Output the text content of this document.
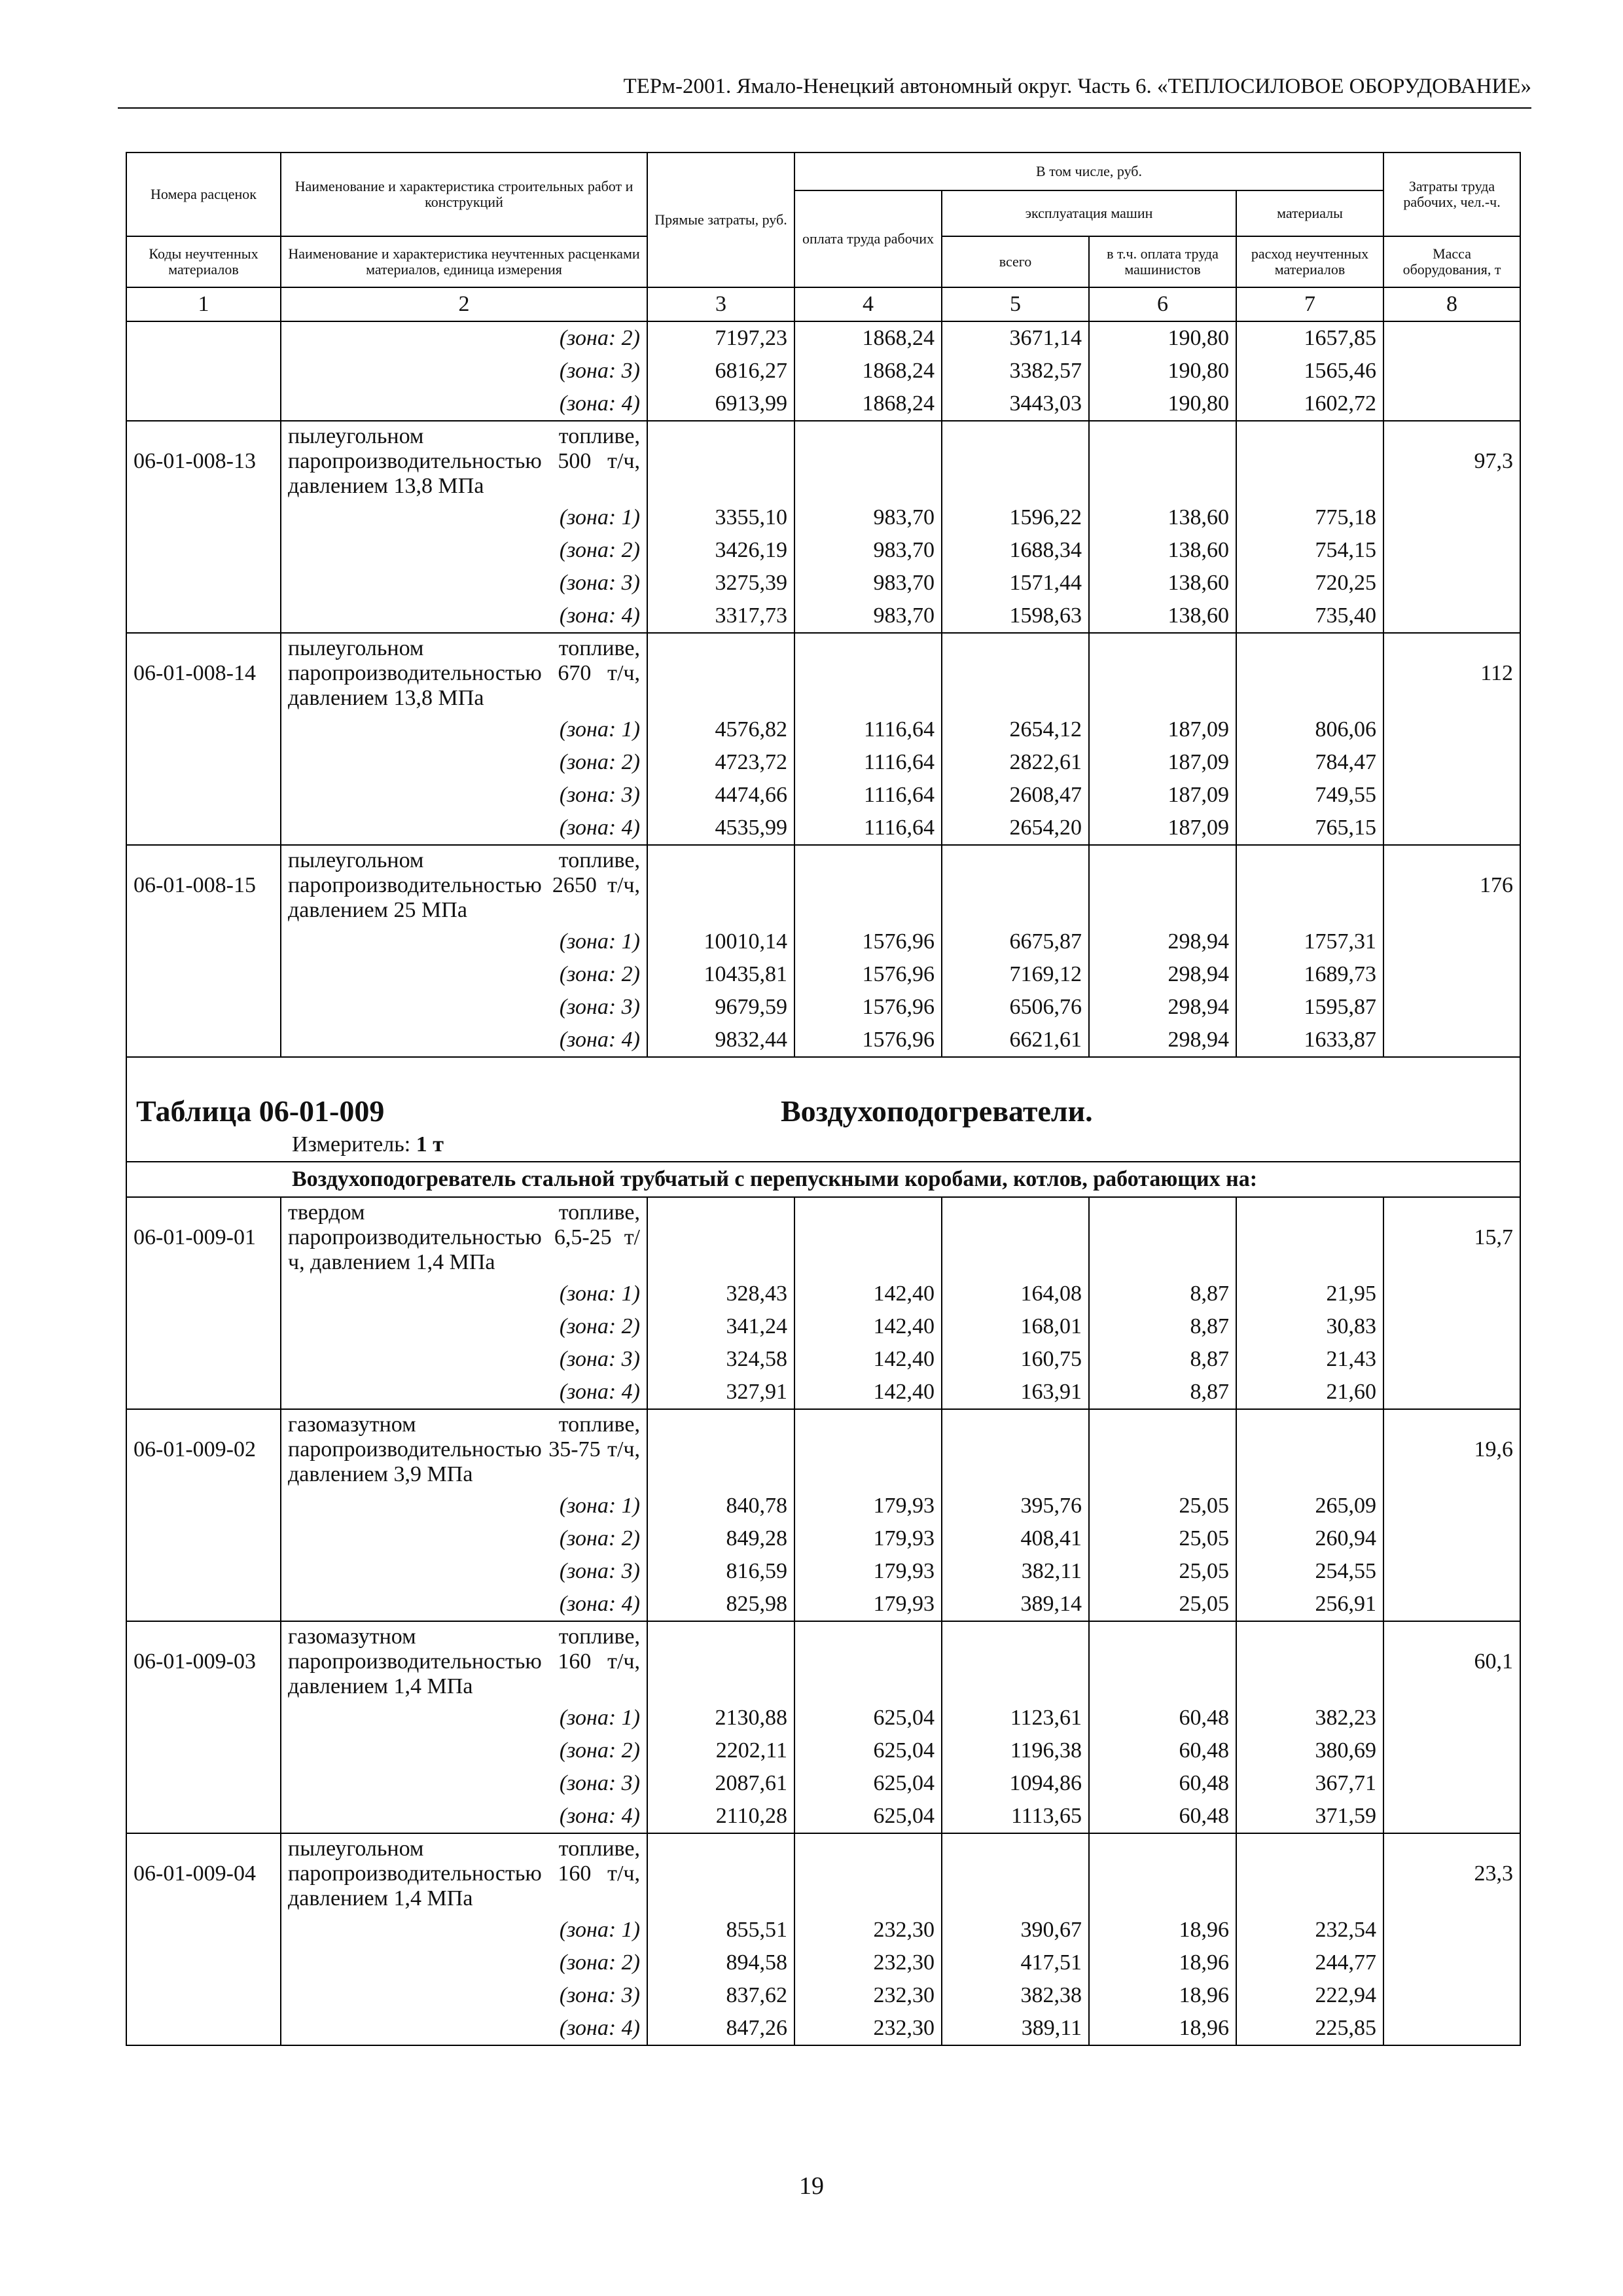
ТЕРм-2001. Ямало-Ненецкий автономный округ. Часть 6. «ТЕПЛОСИЛОВОЕ ОБОРУДОВАНИЕ»
Номера расценок	Наименование и характеристика строительных работ и конструкций	Прямые затраты, руб.	В том числе, руб.				Затраты труда рабочих, чел.-ч.
			оплата труда рабочих	эксплуатация машин		материалы	
Коды неучтенных материалов	Наименование и характеристика неучтенных расценками материалов, единица измерения			всего	в т.ч. оплата труда машинистов	расход неучтенных материалов	Масса оборудования, т
1	2	3	4	5	6	7	8
	(зона: 2)	7197,23	1868,24	3671,14	190,80	1657,85	
	(зона: 3)	6816,27	1868,24	3382,57	190,80	1565,46	
	(зона: 4)	6913,99	1868,24	3443,03	190,80	1602,72	
06-01-008-13	пылеугольном топливе, паропроизводительностью 500 т/ч, давлением 13,8 МПа						97,3
	(зона: 1)	3355,10	983,70	1596,22	138,60	775,18	
	(зона: 2)	3426,19	983,70	1688,34	138,60	754,15	
	(зона: 3)	3275,39	983,70	1571,44	138,60	720,25	
	(зона: 4)	3317,73	983,70	1598,63	138,60	735,40	
06-01-008-14	пылеугольном топливе, паропроизводительностью 670 т/ч, давлением 13,8 МПа						112
	(зона: 1)	4576,82	1116,64	2654,12	187,09	806,06	
	(зона: 2)	4723,72	1116,64	2822,61	187,09	784,47	
	(зона: 3)	4474,66	1116,64	2608,47	187,09	749,55	
	(зона: 4)	4535,99	1116,64	2654,20	187,09	765,15	
06-01-008-15	пылеугольном топливе, паропроизводительностью 2650 т/ч, давлением 25 МПа						176
	(зона: 1)	10010,14	1576,96	6675,87	298,94	1757,31	
	(зона: 2)	10435,81	1576,96	7169,12	298,94	1689,73	
	(зона: 3)	9679,59	1576,96	6506,76	298,94	1595,87	
	(зона: 4)	9832,44	1576,96	6621,61	298,94	1633,87	
Таблица 06-01-009 Воздухоподогреватели.							

Измеритель: 1 т							
Воздухоподогреватель стальной трубчатый с перепускными коробами, котлов, работающих на:							
06-01-009-01	твердом топливе, паропроизводительностью 6,5-25 т/ч, давлением 1,4 МПа						15,7
	(зона: 1)	328,43	142,40	164,08	8,87	21,95	
	(зона: 2)	341,24	142,40	168,01	8,87	30,83	
	(зона: 3)	324,58	142,40	160,75	8,87	21,43	
	(зона: 4)	327,91	142,40	163,91	8,87	21,60	
06-01-009-02	газомазутном топливе, паропроизводительностью 35-75 т/ч, давлением 3,9 МПа						19,6
	(зона: 1)	840,78	179,93	395,76	25,05	265,09	
	(зона: 2)	849,28	179,93	408,41	25,05	260,94	
	(зона: 3)	816,59	179,93	382,11	25,05	254,55	
	(зона: 4)	825,98	179,93	389,14	25,05	256,91	
06-01-009-03	газомазутном топливе, паропроизводительностью 160 т/ч, давлением 1,4 МПа						60,1
	(зона: 1)	2130,88	625,04	1123,61	60,48	382,23	
	(зона: 2)	2202,11	625,04	1196,38	60,48	380,69	
	(зона: 3)	2087,61	625,04	1094,86	60,48	367,71	
	(зона: 4)	2110,28	625,04	1113,65	60,48	371,59	
06-01-009-04	пылеугольном топливе, паропроизводительностью 160 т/ч, давлением 1,4 МПа						23,3
	(зона: 1)	855,51	232,30	390,67	18,96	232,54	
	(зона: 2)	894,58	232,30	417,51	18,96	244,77	
	(зона: 3)	837,62	232,30	382,38	18,96	222,94	
	(зона: 4)	847,26	232,30	389,11	18,96	225,85	
19
